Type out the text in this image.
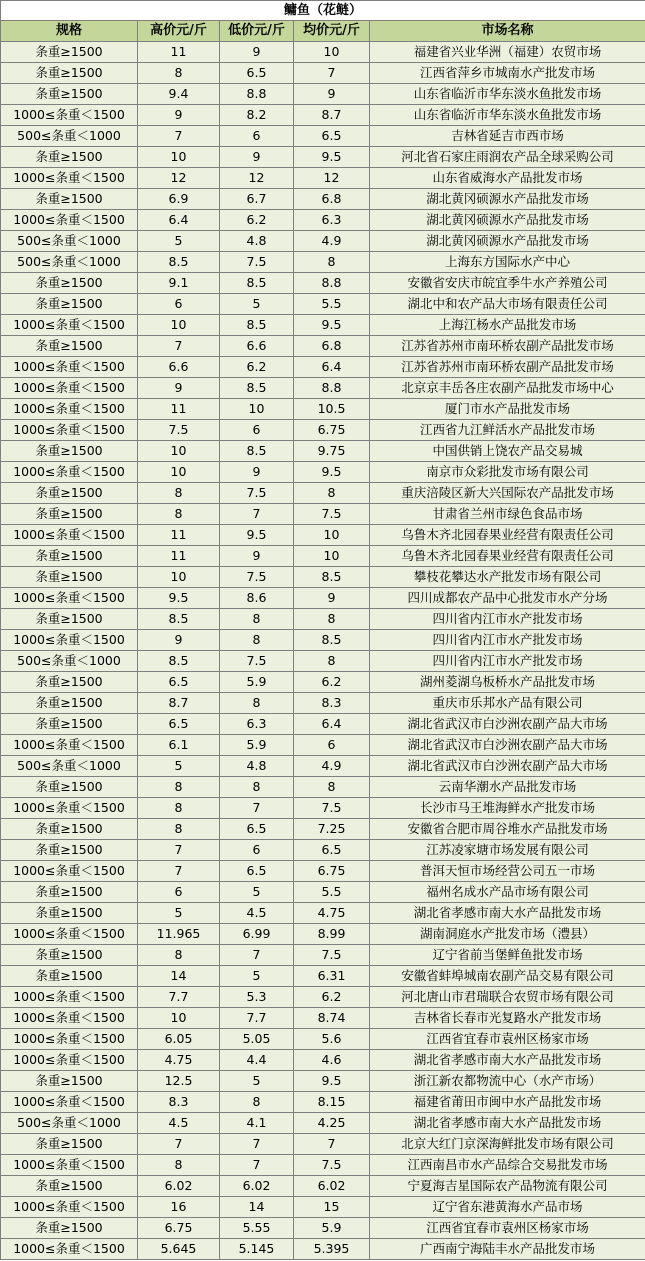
鳙鱼（花鲢）				
规格	高价元/斤	低价元/斤	均价元/斤	市场名称
条重≥1500	11	9	10	福建省兴业华洲（福建）农贸市场
条重≥1500	8	6.5	7	江西省萍乡市城南水产批发市场
条重≥1500	9.4	8.8	9	山东省临沂市华东淡水鱼批发市场
1000≤条重＜1500	9	8.2	8.7	山东省临沂市华东淡水鱼批发市场
500≤条重＜1000	7	6	6.5	吉林省延吉市西市场
条重≥1500	10	9	9.5	河北省石家庄雨润农产品全球采购公司
1000≤条重＜1500	12	12	12	山东省威海水产品批发市场
条重≥1500	6.9	6.7	6.8	湖北黄冈硕源水产品批发市场
1000≤条重＜1500	6.4	6.2	6.3	湖北黄冈硕源水产品批发市场
500≤条重＜1000	5	4.8	4.9	湖北黄冈硕源水产品批发市场
500≤条重＜1000	8.5	7.5	8	上海东方国际水产中心
条重≥1500	9.1	8.5	8.8	安徽省安庆市皖宜季牛水产养殖公司
条重≥1500	6	5	5.5	湖北中和农产品大市场有限责任公司
1000≤条重＜1500	10	8.5	9.5	上海江杨水产品批发市场
条重≥1500	7	6.6	6.8	江苏省苏州市南环桥农副产品批发市场
1000≤条重＜1500	6.6	6.2	6.4	江苏省苏州市南环桥农副产品批发市场
1000≤条重＜1500	9	8.5	8.8	北京京丰岳各庄农副产品批发市场中心
1000≤条重＜1500	11	10	10.5	厦门市水产品批发市场
1000≤条重＜1500	7.5	6	6.75	江西省九江鲜活水产品批发市场
条重≥1500	10	8.5	9.75	中国供销上饶农产品交易城
1000≤条重＜1500	10	9	9.5	南京市众彩批发市场有限公司
条重≥1500	8	7.5	8	重庆涪陵区新大兴国际农产品批发市场
条重≥1500	8	7	7.5	甘肃省兰州市绿色食品市场
1000≤条重＜1500	11	9.5	10	乌鲁木齐北园春果业经营有限责任公司
条重≥1500	11	9	10	乌鲁木齐北园春果业经营有限责任公司
条重≥1500	10	7.5	8.5	攀枝花攀达水产批发市场有限公司
1000≤条重＜1500	9.5	8.6	9	四川成都农产品中心批发市水产分场
条重≥1500	8.5	8	8	四川省内江市水产批发市场
1000≤条重＜1500	9	8	8.5	四川省内江市水产批发市场
500≤条重＜1000	8.5	7.5	8	四川省内江市水产批发市场
条重≥1500	6.5	5.9	6.2	湖州菱湖乌板桥水产品批发市场
条重≥1500	8.7	8	8.3	重庆市乐邦水产品有限公司
条重≥1500	6.5	6.3	6.4	湖北省武汉市白沙洲农副产品大市场
1000≤条重＜1500	6.1	5.9	6	湖北省武汉市白沙洲农副产品大市场
500≤条重＜1000	5	4.8	4.9	湖北省武汉市白沙洲农副产品大市场
条重≥1500	8	8	8	云南华潮水产品批发市场
1000≤条重＜1500	8	7	7.5	长沙市马王堆海鲜水产批发市场
条重≥1500	8	6.5	7.25	安徽省合肥市周谷堆水产品批发市场
条重≥1500	7	6	6.5	江苏凌家塘市场发展有限公司
1000≤条重＜1500	7	6.5	6.75	普洱天恒市场经营公司五一市场
条重≥1500	6	5	5.5	福州名成水产品市场有限公司
条重≥1500	5	4.5	4.75	湖北省孝感市南大水产品批发市场
1000≤条重＜1500	11.965	6.99	8.99	湖南洞庭水产批发市场（澧县）
条重≥1500	8	7	7.5	辽宁省前当堡鲜鱼批发市场
条重≥1500	14	5	6.31	安徽省蚌埠城南农副产品交易有限公司
1000≤条重＜1500	7.7	5.3	6.2	河北唐山市君瑞联合农贸市场有限公司
1000≤条重＜1500	10	7.7	8.74	吉林省长春市光复路水产批发市场
1000≤条重＜1500	6.05	5.05	5.6	江西省宜春市袁州区杨家市场
1000≤条重＜1500	4.75	4.4	4.6	湖北省孝感市南大水产品批发市场
条重≥1500	12.5	5	9.5	浙江新农都物流中心（水产市场）
1000≤条重＜1500	8.3	8	8.15	福建省莆田市闽中水产品批发市场
500≤条重＜1000	4.5	4.1	4.25	湖北省孝感市南大水产品批发市场
条重≥1500	7	7	7	北京大红门京深海鲜批发市场有限公司
1000≤条重＜1500	8	7	7.5	江西南昌市水产品综合交易批发市场
条重≥1500	6.02	6.02	6.02	宁夏海吉星国际农产品物流有限公司
1000≤条重＜1500	16	14	15	辽宁省东港黄海水产品市场
条重≥1500	6.75	5.55	5.9	江西省宜春市袁州区杨家市场
1000≤条重＜1500	5.645	5.145	5.395	广西南宁海陆丰水产品批发市场
